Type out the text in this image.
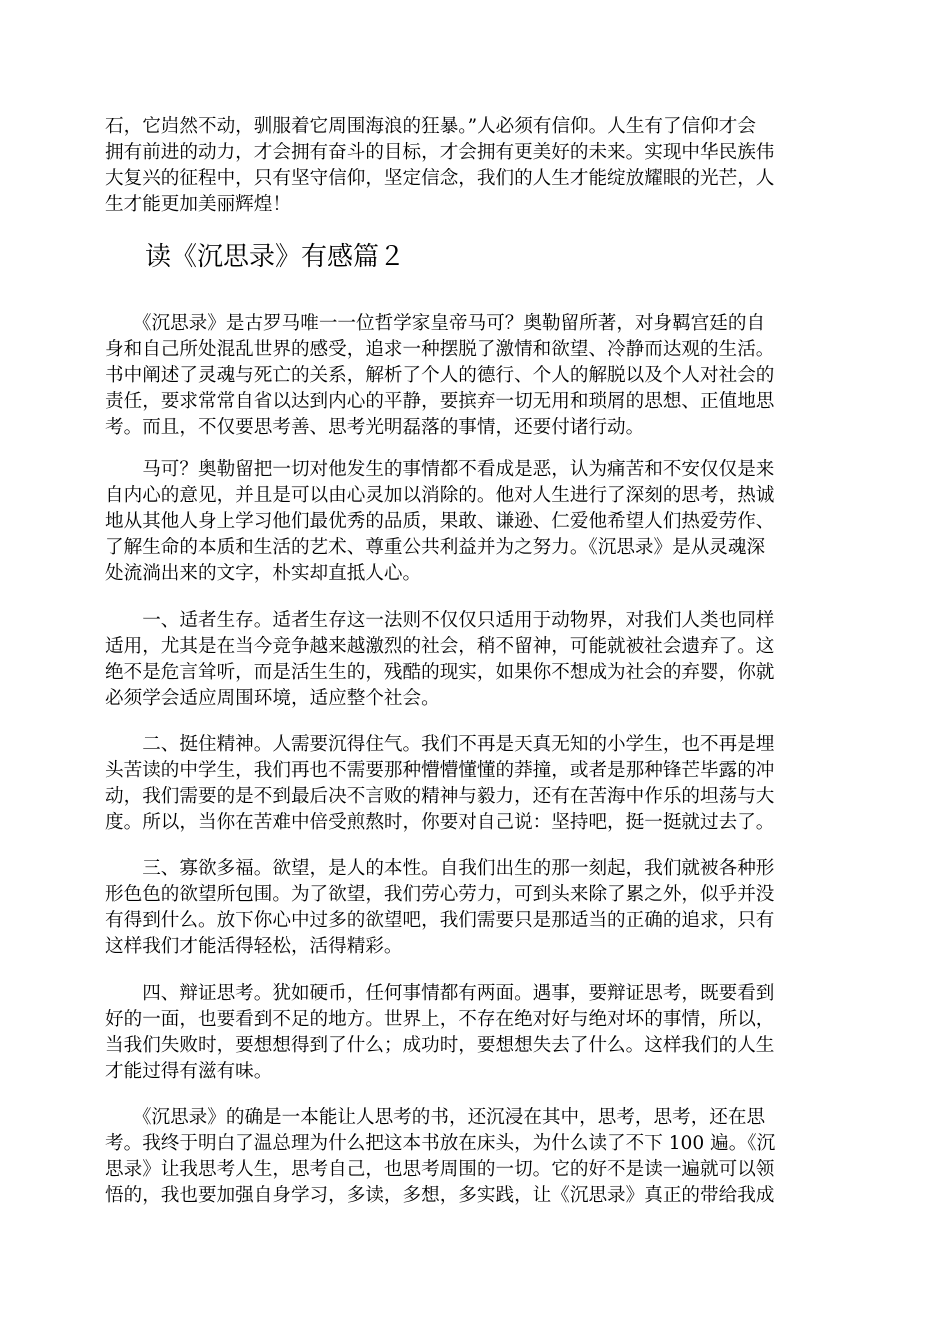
石，它岿然不动，驯服着它周围海浪的狂暴。”人必须有信仰。人生有了信仰才会
拥有前进的动力，才会拥有奋斗的目标，才会拥有更美好的未来。实现中华民族伟
大复兴的征程中，只有坚守信仰，坚定信念，我们的人生才能绽放耀眼的光芒，人
生才能更加美丽辉煌！
读《沉思录》有感篇２
　　《沉思录》是古罗马唯一一位哲学家皇帝马可？奥勒留所著，对身羁宫廷的自
身和自己所处混乱世界的感受，追求一种摆脱了激情和欲望、冷静而达观的生活。
书中阐述了灵魂与死亡的关系，解析了个人的德行、个人的解脱以及个人对社会的
责任，要求常常自省以达到内心的平静，要摈弃一切无用和琐屑的思想、正值地思
考。而且，不仅要思考善、思考光明磊落的事情，还要付诸行动。
　　马可？奥勒留把一切对他发生的事情都不看成是恶，认为痛苦和不安仅仅是来
自内心的意见，并且是可以由心灵加以消除的。他对人生进行了深刻的思考，热诚
地从其他人身上学习他们最优秀的品质，果敢、谦逊、仁爱他希望人们热爱劳作、
了解生命的本质和生活的艺术、尊重公共利益并为之努力。《沉思录》是从灵魂深
处流淌出来的文字，朴实却直抵人心。
　　一、适者生存。适者生存这一法则不仅仅只适用于动物界，对我们人类也同样
适用，尤其是在当今竞争越来越激烈的社会，稍不留神，可能就被社会遗弃了。这
绝不是危言耸听，而是活生生的，残酷的现实，如果你不想成为社会的弃婴，你就
必须学会适应周围环境，适应整个社会。
　　二、挺住精神。人需要沉得住气。我们不再是天真无知的小学生，也不再是埋
头苦读的中学生，我们再也不需要那种懵懵懂懂的莽撞，或者是那种锋芒毕露的冲
动，我们需要的是不到最后决不言败的精神与毅力，还有在苦海中作乐的坦荡与大
度。所以，当你在苦难中倍受煎熬时，你要对自己说：坚持吧，挺一挺就过去了。
　　三、寡欲多福。欲望，是人的本性。自我们出生的那一刻起，我们就被各种形
形色色的欲望所包围。为了欲望，我们劳心劳力，可到头来除了累之外，似乎并没
有得到什么。放下你心中过多的欲望吧，我们需要只是那适当的正确的追求，只有
这样我们才能活得轻松，活得精彩。
　　四、辩证思考。犹如硬币，任何事情都有两面。遇事，要辩证思考，既要看到
好的一面，也要看到不足的地方。世界上，不存在绝对好与绝对坏的事情，所以，
当我们失败时，要想想得到了什么；成功时，要想想失去了什么。这样我们的人生
才能过得有滋有味。
　　《沉思录》的确是一本能让人思考的书，还沉浸在其中，思考，思考，还在思
考。我终于明白了温总理为什么把这本书放在床头，为什么读了不下 100 遍。《沉
思录》让我思考人生，思考自己，也思考周围的一切。它的好不是读一遍就可以领
悟的，我也要加强自身学习，多读，多想，多实践，让《沉思录》真正的带给我成
